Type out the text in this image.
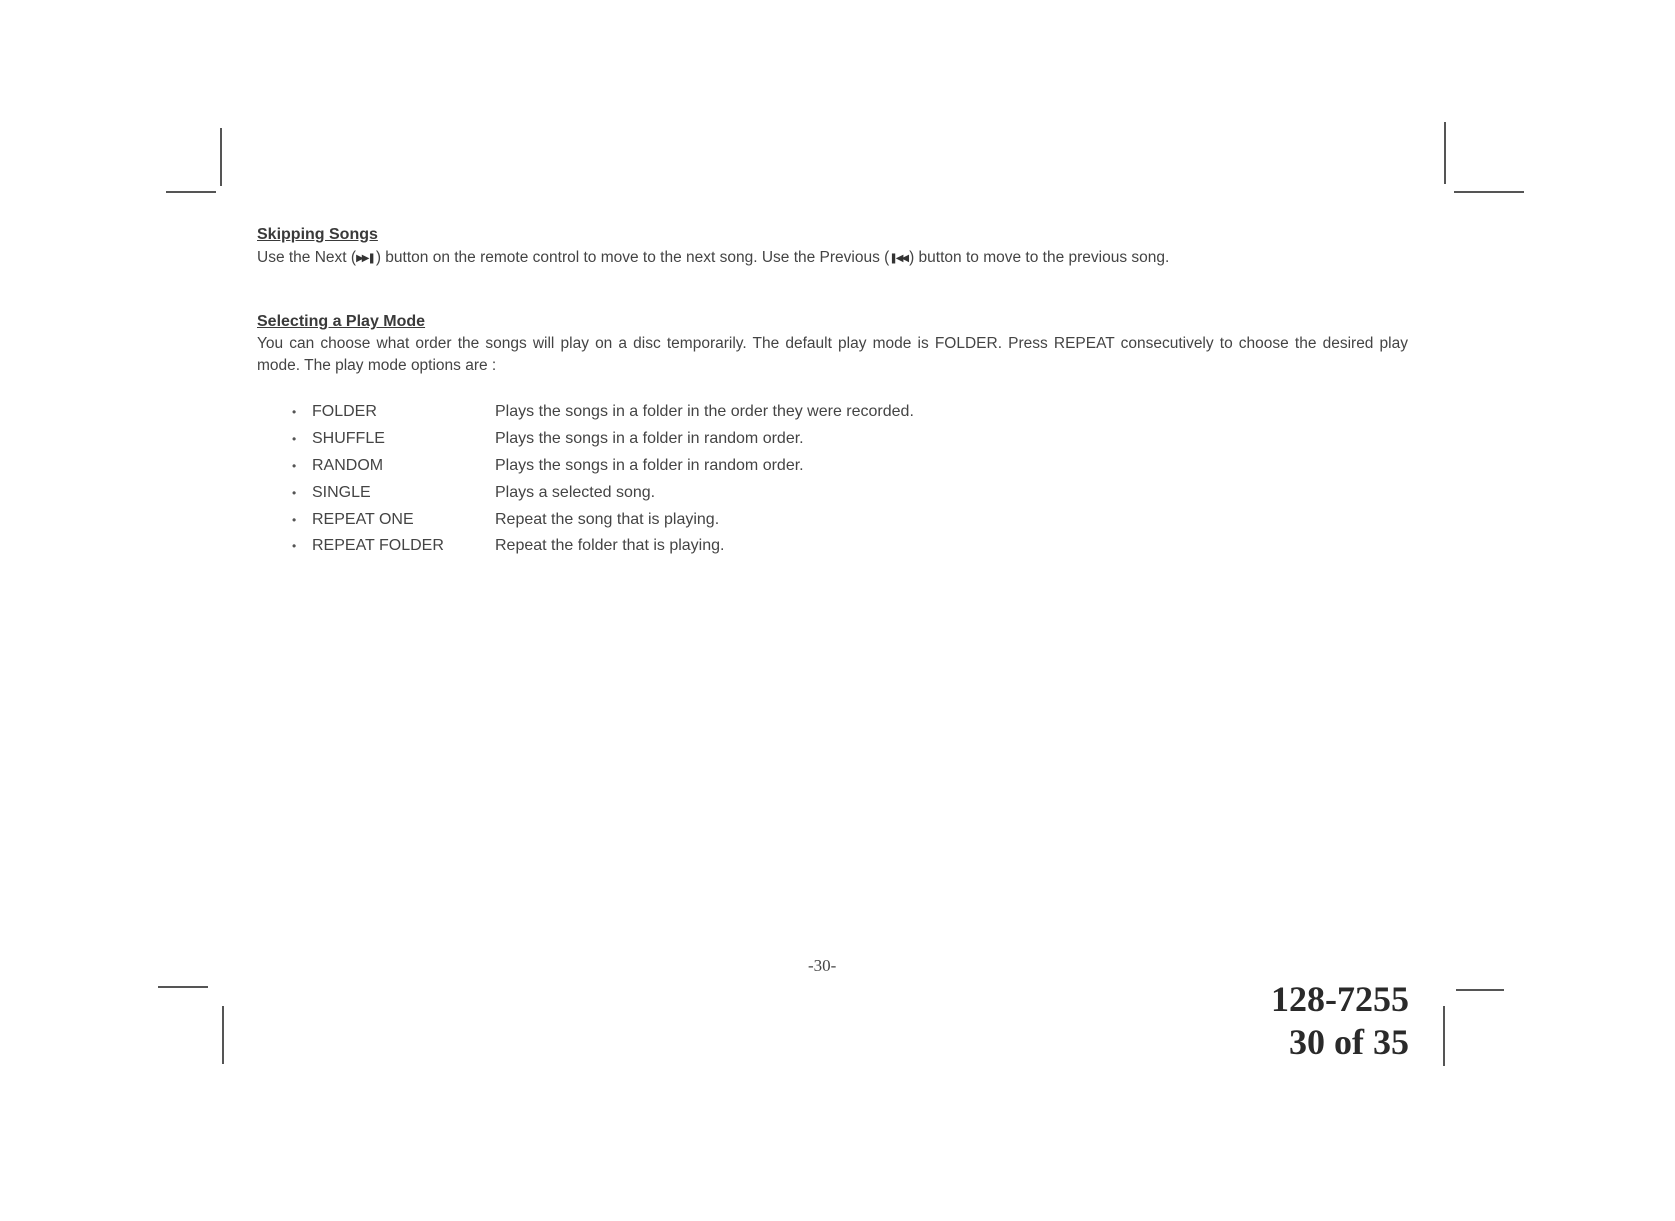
Skipping Songs
Use the Next (▶▶❚ ) button on the remote control to move to the next song. Use the Previous (❚◀◀ ) button to move to the previous song.
Selecting a Play Mode
You can choose what order the songs will play on a disc temporarily. The default play mode is FOLDER. Press REPEAT consecutively to choose the desired play mode. The play mode options are :
• FOLDER	Plays the songs in a folder in the order they were recorded.
• SHUFFLE	Plays the songs in a folder in random order.
• RANDOM	Plays the songs in a folder in random order.
• SINGLE	Plays a selected song.
• REPEAT ONE	Repeat the song that is playing.
• REPEAT FOLDER	Repeat the folder that is playing.
-30-
128-7255
30 of 35
